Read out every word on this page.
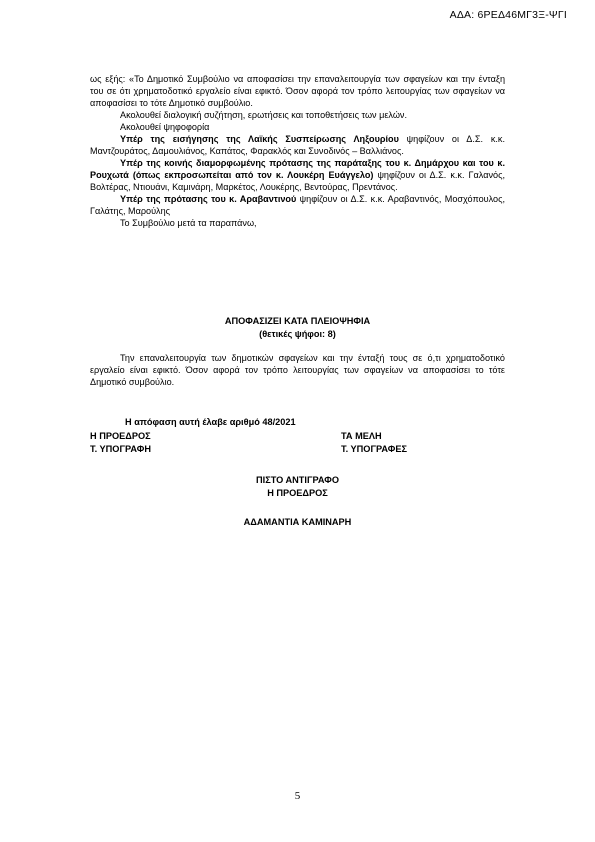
ΑΔΑ: 6ΡΕΔ46ΜΓ3Ξ-ΨΓΙ

ως εξής: «Το Δημοτικό Συμβούλιο να αποφασίσει την επαναλειτουργία των σφαγείων και την ένταξη του σε ότι χρηματοδοτικό εργαλείο είναι εφικτό. Όσον αφορά τον τρόπο λειτουργίας των σφαγείων να αποφασίσει το τότε Δημοτικό συμβούλιο.

Ακολουθεί διαλογική συζήτηση, ερωτήσεις και τοποθετήσεις των μελών.

Ακολουθεί ψηφοφορία

Υπέρ της εισήγησης της Λαϊκής Συσπείρωσης Ληξουρίου ψηφίζουν οι Δ.Σ. κ.κ. Μαντζουράτος, Δαμουλιάνος, Καπάτος, Φαρακλός και Συνοδινός – Βαλλιάνος.

Υπέρ της κοινής διαμορφωμένης πρότασης της παράταξης του κ. Δημάρχου και του κ. Ρουχωτά (όπως εκπροσωπείται από τον κ. Λουκέρη Ευάγγελο) ψηφίζουν οι Δ.Σ. κ.κ. Γαλανός, Βολτέρας, Ντιουάνι, Καμινάρη, Μαρκέτος, Λουκέρης, Βεντούρας, Πρεντάνος.

Υπέρ της πρότασης του κ. Αραβαντινού ψηφίζουν οι Δ.Σ. κ.κ. Αραβαντινός, Μοσχόπουλος, Γαλάτης, Μαρούλης

Το Συμβούλιο μετά τα παραπάνω,

ΑΠΟΦΑΣΙΖΕΙ ΚΑΤΑ ΠΛΕΙΟΨΗΦΙΑ
(θετικές ψήφοι: 8)

Την επαναλειτουργία των δημοτικών σφαγείων και την ένταξή τους σε ό,τι χρηματοδοτικό εργαλείο είναι εφικτό. Όσον αφορά τον τρόπο λειτουργίας των σφαγείων να αποφασίσει το τότε Δημοτικό συμβούλιο.

Η απόφαση αυτή έλαβε αριθμό 48/2021
Η ΠΡΟΕΔΡΟΣ
Τ. ΥΠΟΓΡΑΦΗ
ΤΑ ΜΕΛΗ
Τ. ΥΠΟΓΡΑΦΕΣ
ΠΙΣΤΟ ΑΝΤΙΓΡΑΦΟ
Η ΠΡΟΕΔΡΟΣ
ΑΔΑΜΑΝΤΙΑ ΚΑΜΙΝΑΡΗ
5
